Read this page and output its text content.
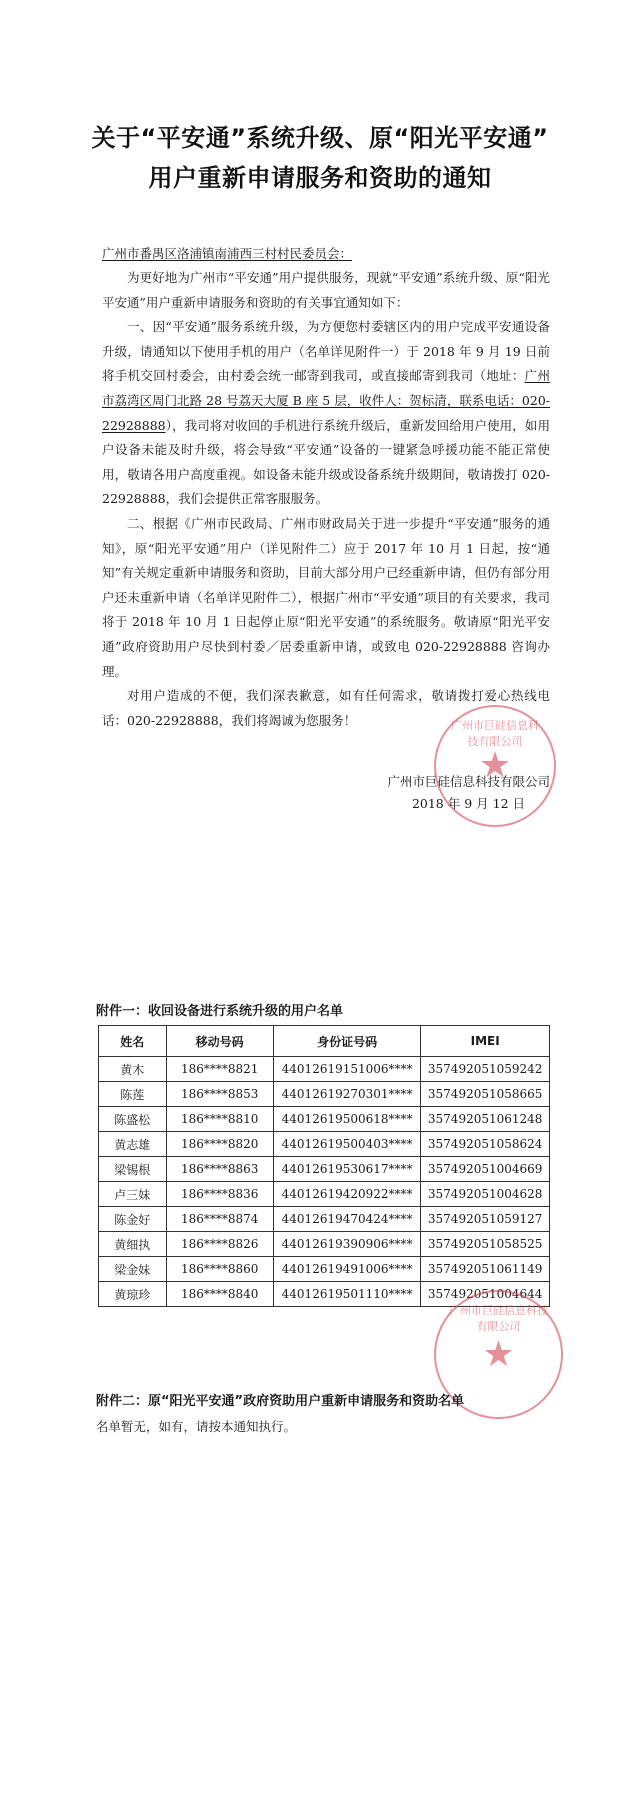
关于“平安通”系统升级、原“阳光平安通”
用户重新申请服务和资助的通知
广州市番禺区洛浦镇南浦西三村村民委员会：

为更好地为广州市“平安通”用户提供服务，现就“平安通”系统升级、原“阳光平安通”用户重新申请服务和资助的有关事宜通知如下：

一、因“平安通”服务系统升级，为方便您村委辖区内的用户完成平安通设备升级，请通知以下使用手机的用户（名单详见附件一）于 2018 年 9 月 19 日前将手机交回村委会，由村委会统一邮寄到我司，或直接邮寄到我司（地址：广州市荔湾区周门北路 28 号荔天大厦 B 座 5 层，收件人：贺标清，联系电话：020-22928888），我司将对收回的手机进行系统升级后，重新发回给用户使用，如用户设备未能及时升级，将会导致“平安通”设备的一键紧急呼援功能不能正常使用，敬请各用户高度重视。如设备未能升级或设备系统升级期间，敬请拨打 020-22928888，我们会提供正常客服服务。

二、根据《广州市民政局、广州市财政局关于进一步提升“平安通”服务的通知》，原“阳光平安通”用户（详见附件二）应于 2017 年 10 月 1 日起，按“通知”有关规定重新申请服务和资助，目前大部分用户已经重新申请，但仍有部分用户还未重新申请（名单详见附件二），根据广州市“平安通”项目的有关要求，我司将于 2018 年 10 月 1 日起停止原“阳光平安通”的系统服务。敬请原“阳光平安通”政府资助用户尽快到村委／居委重新申请，或致电 020-22928888 咨询办理。

对用户造成的不便，我们深表歉意，如有任何需求，敬请拨打爱心热线电话：020-22928888，我们将竭诚为您服务！	广州市巨硅信息科技有限公司
★
广州市巨硅信息科技有限公司
2018 年 9 月 12 日
附件一：收回设备进行系统升级的用户名单
姓名	移动号码	身份证号码	IMEI
黄木	186****8821	44012619151006****	357492051059242
陈莲	186****8853	44012619270301****	357492051058665
陈盛松	186****8810	44012619500618****	357492051061248
黄志雄	186****8820	44012619500403****	357492051058624
梁锡根	186****8863	44012619530617****	357492051004669
卢三妹	186****8836	44012619420922****	357492051004628
陈金好	186****8874	44012619470424****	357492051059127
黄细执	186****8826	44012619390906****	357492051058525
梁金妹	186****8860	44012619491006****	357492051061149
黄琼珍	186****8840	44012619501110****	357492051004644
广州市巨硅信息科技有限公司
★
附件二：原“阳光平安通”政府资助用户重新申请服务和资助名单
名单暂无，如有，请按本通知执行。
